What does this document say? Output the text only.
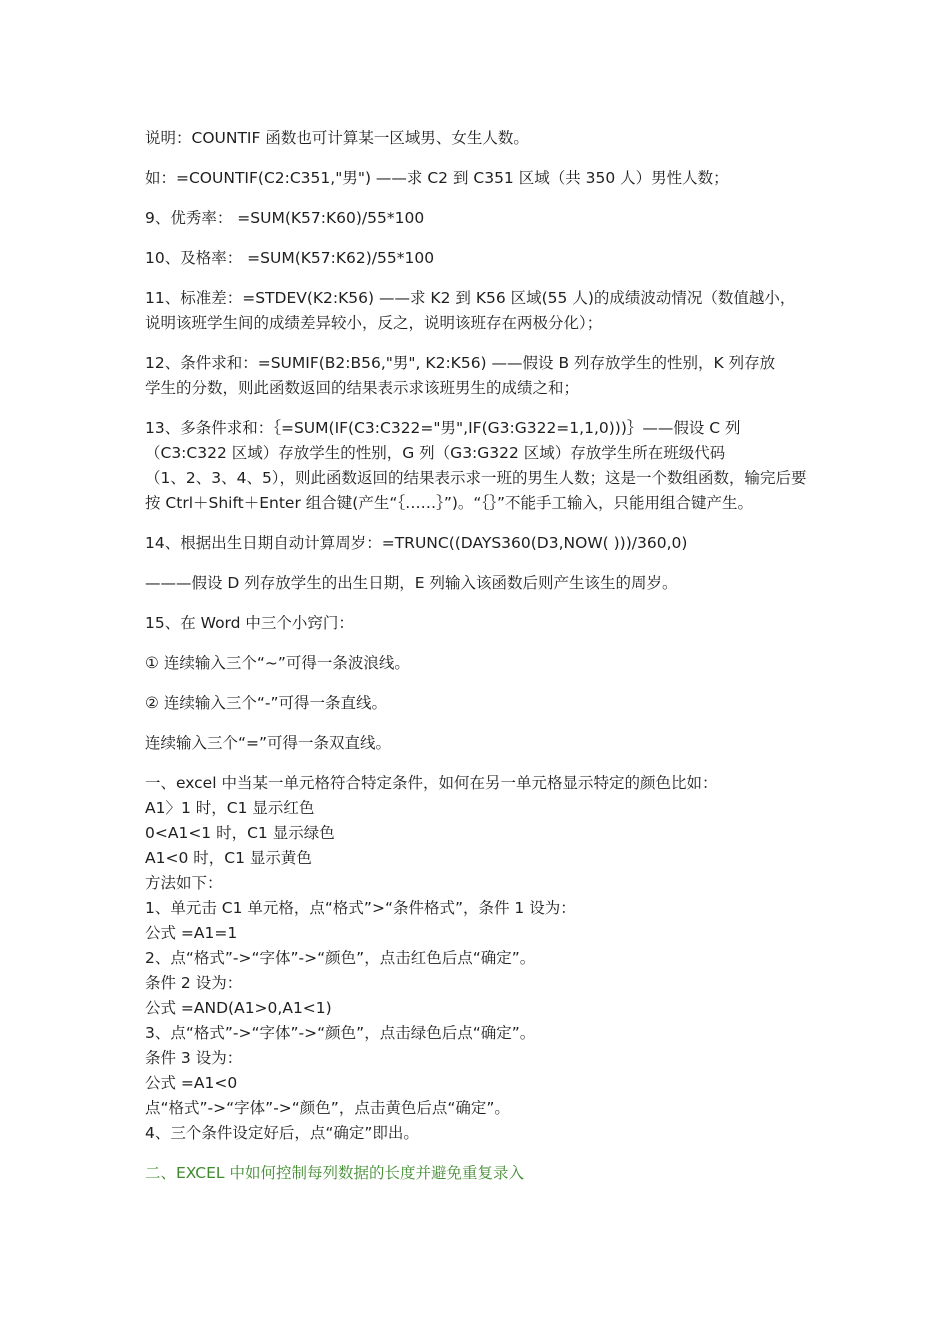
说明：COUNTIF 函数也可计算某一区域男、女生人数。

如：=COUNTIF(C2:C351,"男") ——求 C2 到 C351 区域（共 350 人）男性人数；

9、优秀率： =SUM(K57:K60)/55*100

10、及格率： =SUM(K57:K62)/55*100

11、标准差：=STDEV(K2:K56) ——求 K2 到 K56 区域(55 人)的成绩波动情况（数值越小，
说明该班学生间的成绩差异较小，反之，说明该班存在两极分化）；
12、条件求和：=SUMIF(B2:B56,"男", K2:K56) ——假设 B 列存放学生的性别，K 列存放
学生的分数，则此函数返回的结果表示求该班男生的成绩之和；
13、多条件求和：｛=SUM(IF(C3:C322="男",IF(G3:G322=1,1,0)))｝——假设 C 列
（C3:C322 区域）存放学生的性别，G 列（G3:G322 区域）存放学生所在班级代码
（1、2、3、4、5），则此函数返回的结果表示求一班的男生人数；这是一个数组函数，输完后要
按 Ctrl＋Shift＋Enter 组合键(产生“｛……｝”)。“｛｝”不能手工输入，只能用组合键产生。

14、根据出生日期自动计算周岁：=TRUNC((DAYS360(D3,NOW( )))/360,0)

———假设 D 列存放学生的出生日期，E 列输入该函数后则产生该生的周岁。

15、在 Word 中三个小窍门：

① 连续输入三个“~”可得一条波浪线。

② 连续输入三个“-”可得一条直线。

连续输入三个“=”可得一条双直线。

一、excel 中当某一单元格符合特定条件，如何在另一单元格显示特定的颜色比如：
A1〉1 时，C1 显示红色
0<A1<1 时，C1 显示绿色
A1<0 时，C1 显示黄色
方法如下：
1、单元击 C1 单元格，点“格式”>“条件格式”，条件 1 设为：
公式 =A1=1
2、点“格式”->“字体”->“颜色”，点击红色后点“确定”。
条件 2 设为：
公式 =AND(A1>0,A1<1)
3、点“格式”->“字体”->“颜色”，点击绿色后点“确定”。
条件 3 设为：
公式 =A1<0
点“格式”->“字体”->“颜色”，点击黄色后点“确定”。
4、三个条件设定好后，点“确定”即出。

二、EXCEL 中如何控制每列数据的长度并避免重复录入
